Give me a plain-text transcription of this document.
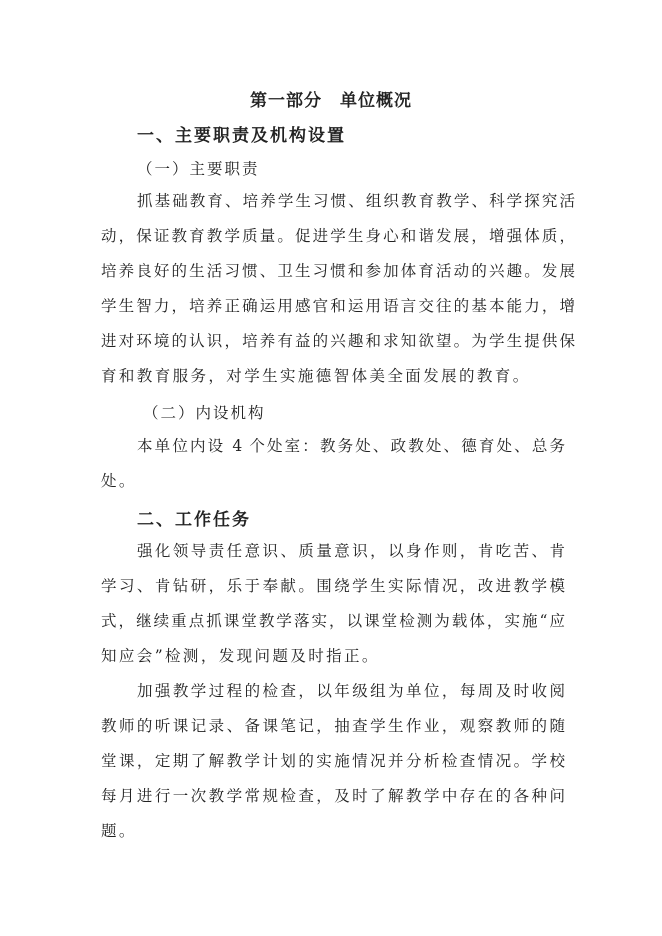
第一部分　单位概况
一、主要职责及机构设置
（一）主要职责
抓基础教育、培养学生习惯、组织教育教学、科学探究活
动，保证教育教学质量。促进学生身心和谐发展，增强体质，
培养良好的生活习惯、卫生习惯和参加体育活动的兴趣。发展
学生智力，培养正确运用感官和运用语言交往的基本能力，增
进对环境的认识，培养有益的兴趣和求知欲望。为学生提供保
育和教育服务，对学生实施德智体美全面发展的教育。
（二）内设机构
本单位内设 4 个处室：教务处、政教处、德育处、总务
处。
二、工作任务
强化领导责任意识、质量意识，以身作则，肯吃苦、肯
学习、肯钻研，乐于奉献。围绕学生实际情况，改进教学模
式，继续重点抓课堂教学落实，以课堂检测为载体，实施“应
知应会”检测，发现问题及时指正。
加强教学过程的检查，以年级组为单位，每周及时收阅
教师的听课记录、备课笔记，抽查学生作业，观察教师的随
堂课，定期了解教学计划的实施情况并分析检查情况。学校
每月进行一次教学常规检查，及时了解教学中存在的各种问
题。
